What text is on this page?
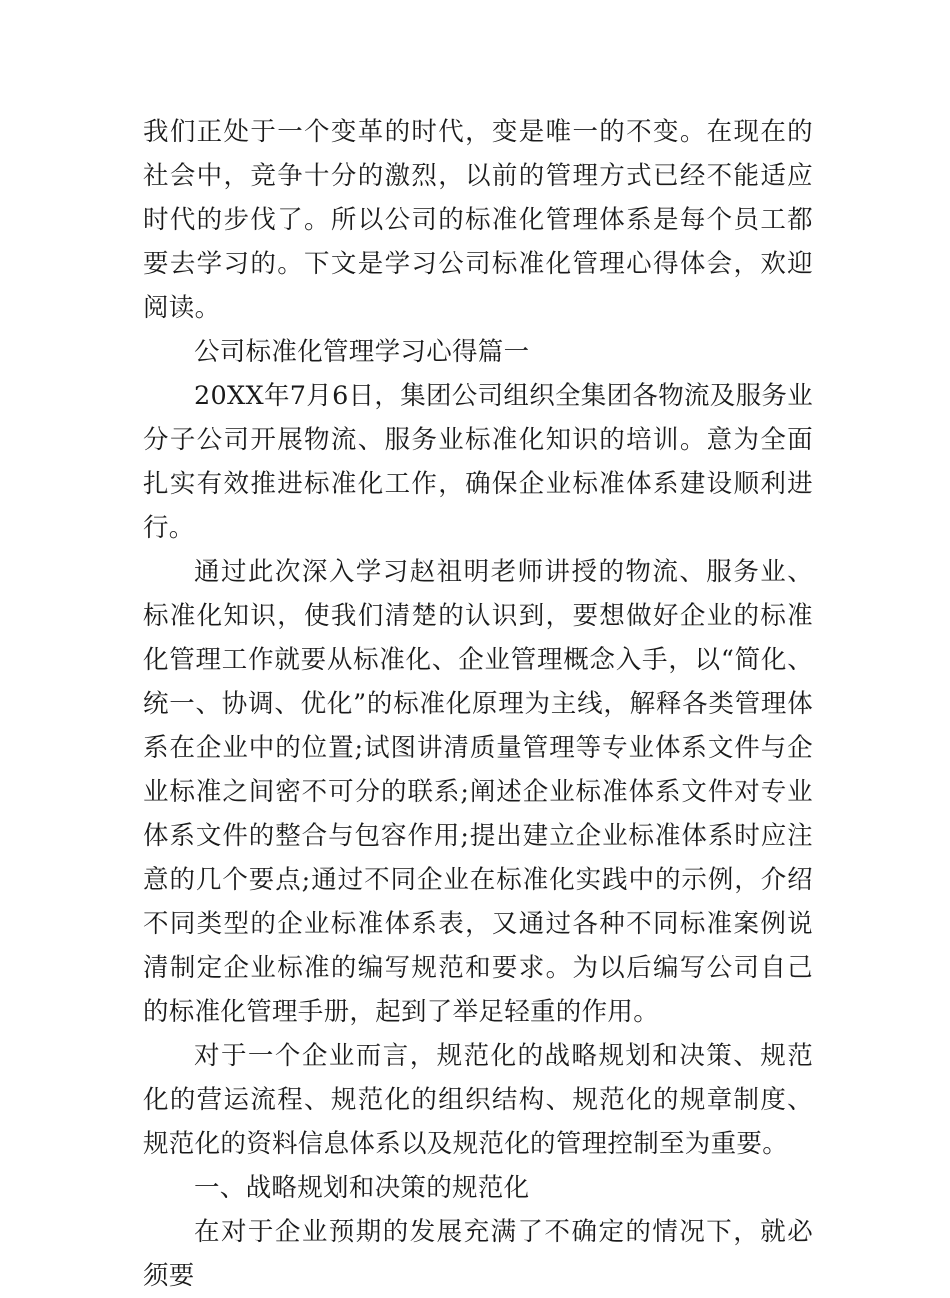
我们正处于一个变革的时代，变是唯一的不变。在现在的社会中，竞争十分的激烈，以前的管理方式已经不能适应时代的步伐了。所以公司的标准化管理体系是每个员工都要去学习的。下文是学习公司标准化管理心得体会，欢迎阅读。

公司标准化管理学习心得篇一

20XX年7月6日，集团公司组织全集团各物流及服务业分子公司开展物流、服务业标准化知识的培训。意为全面扎实有效推进标准化工作，确保企业标准体系建设顺利进行。

通过此次深入学习赵祖明老师讲授的物流、服务业、标准化知识，使我们清楚的认识到，要想做好企业的标准化管理工作就要从标准化、企业管理概念入手，以“简化、统一、协调、优化”的标准化原理为主线，解释各类管理体系在企业中的位置;试图讲清质量管理等专业体系文件与企业标准之间密不可分的联系;阐述企业标准体系文件对专业体系文件的整合与包容作用;提出建立企业标准体系时应注意的几个要点;通过不同企业在标准化实践中的示例，介绍不同类型的企业标准体系表，又通过各种不同标准案例说清制定企业标准的编写规范和要求。为以后编写公司自己的标准化管理手册，起到了举足轻重的作用。

对于一个企业而言，规范化的战略规划和决策、规范化的营运流程、规范化的组织结构、规范化的规章制度、规范化的资料信息体系以及规范化的管理控制至为重要。

一、战略规划和决策的规范化

在对于企业预期的发展充满了不确定的情况下，就必须要
